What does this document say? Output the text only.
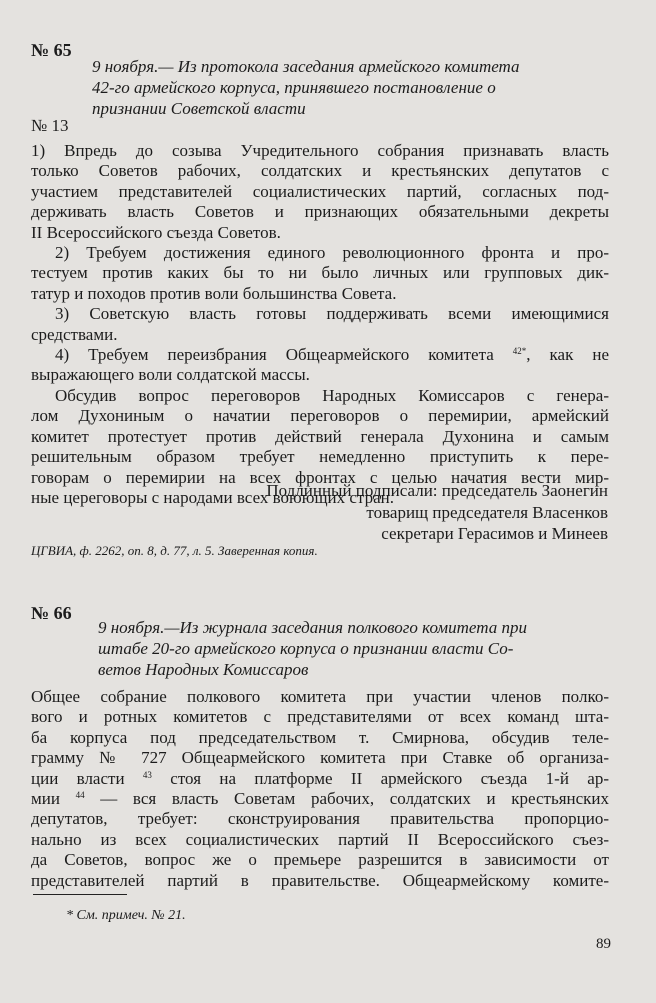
№ 65
9 ноября.— Из протокола заседания армейского комитета
42-го армейского корпуса, принявшего постановление о
признании Советской власти
№ 13
1) Впредь до созыва Учредительного собрания признавать власть
только Советов рабочих, солдатских и крестьянских депутатов с
участием представителей социалистических партий, согласных под-
держивать власть Советов и признающих обязательными декреты
II Всероссийского съезда Советов.
2) Требуем достижения единого революционного фронта и про-
тестуем против каких бы то ни было личных или групповых дик-
татур и походов против воли большинства Совета.
3) Советскую власть готовы поддерживать всеми имеющимися
средствами.
4) Требуем переизбрания Общеармейского комитета $^{42*}$, как не
выражающего воли солдатской массы.
Обсудив вопрос переговоров Народных Комиссаров с генера-
лом Духониным о начатии переговоров о перемирии, армейский
комитет протестует против действий генерала Духонина и самым
решительным образом требует немедленно приступить к пере-
говорам о перемирии на всех фронтах с целью начатия вести мир-
ные цереговоры с народами всех воюющих стран.
Подлинный подписали: председатель Заонегин
товарищ председателя Власенков
секретари Герасимов и Минеев
ЦГВИА, ф. 2262, оп. 8, д. 77, л. 5. Заверенная копия.
№ 66
9 ноября.—Из журнала заседания полкового комитета при
штабе 20-го армейского корпуса о признании власти Со-
ветов Народных Комиссаров
Общее собрание полкового комитета при участии членов полко-
вого и ротных комитетов с представителями от всех команд шта-
ба корпуса под председательством т. Смирнова, обсудив теле-
грамму № 727 Общеармейского комитета при Ставке об организа-
ции власти $^{43}$ стоя на платформе II армейского съезда 1-й ар-
мии $^{44}$ — вся власть Советам рабочих, солдатских и крестьянских
депутатов, требует: сконструирования правительства пропорцио-
нально из всех социалистических партий II Всероссийского съез-
да Советов, вопрос же о премьере разрешится в зависимости от
представителей партий в правительстве. Общеармейскому комите-
* См. примеч. № 21.
89
